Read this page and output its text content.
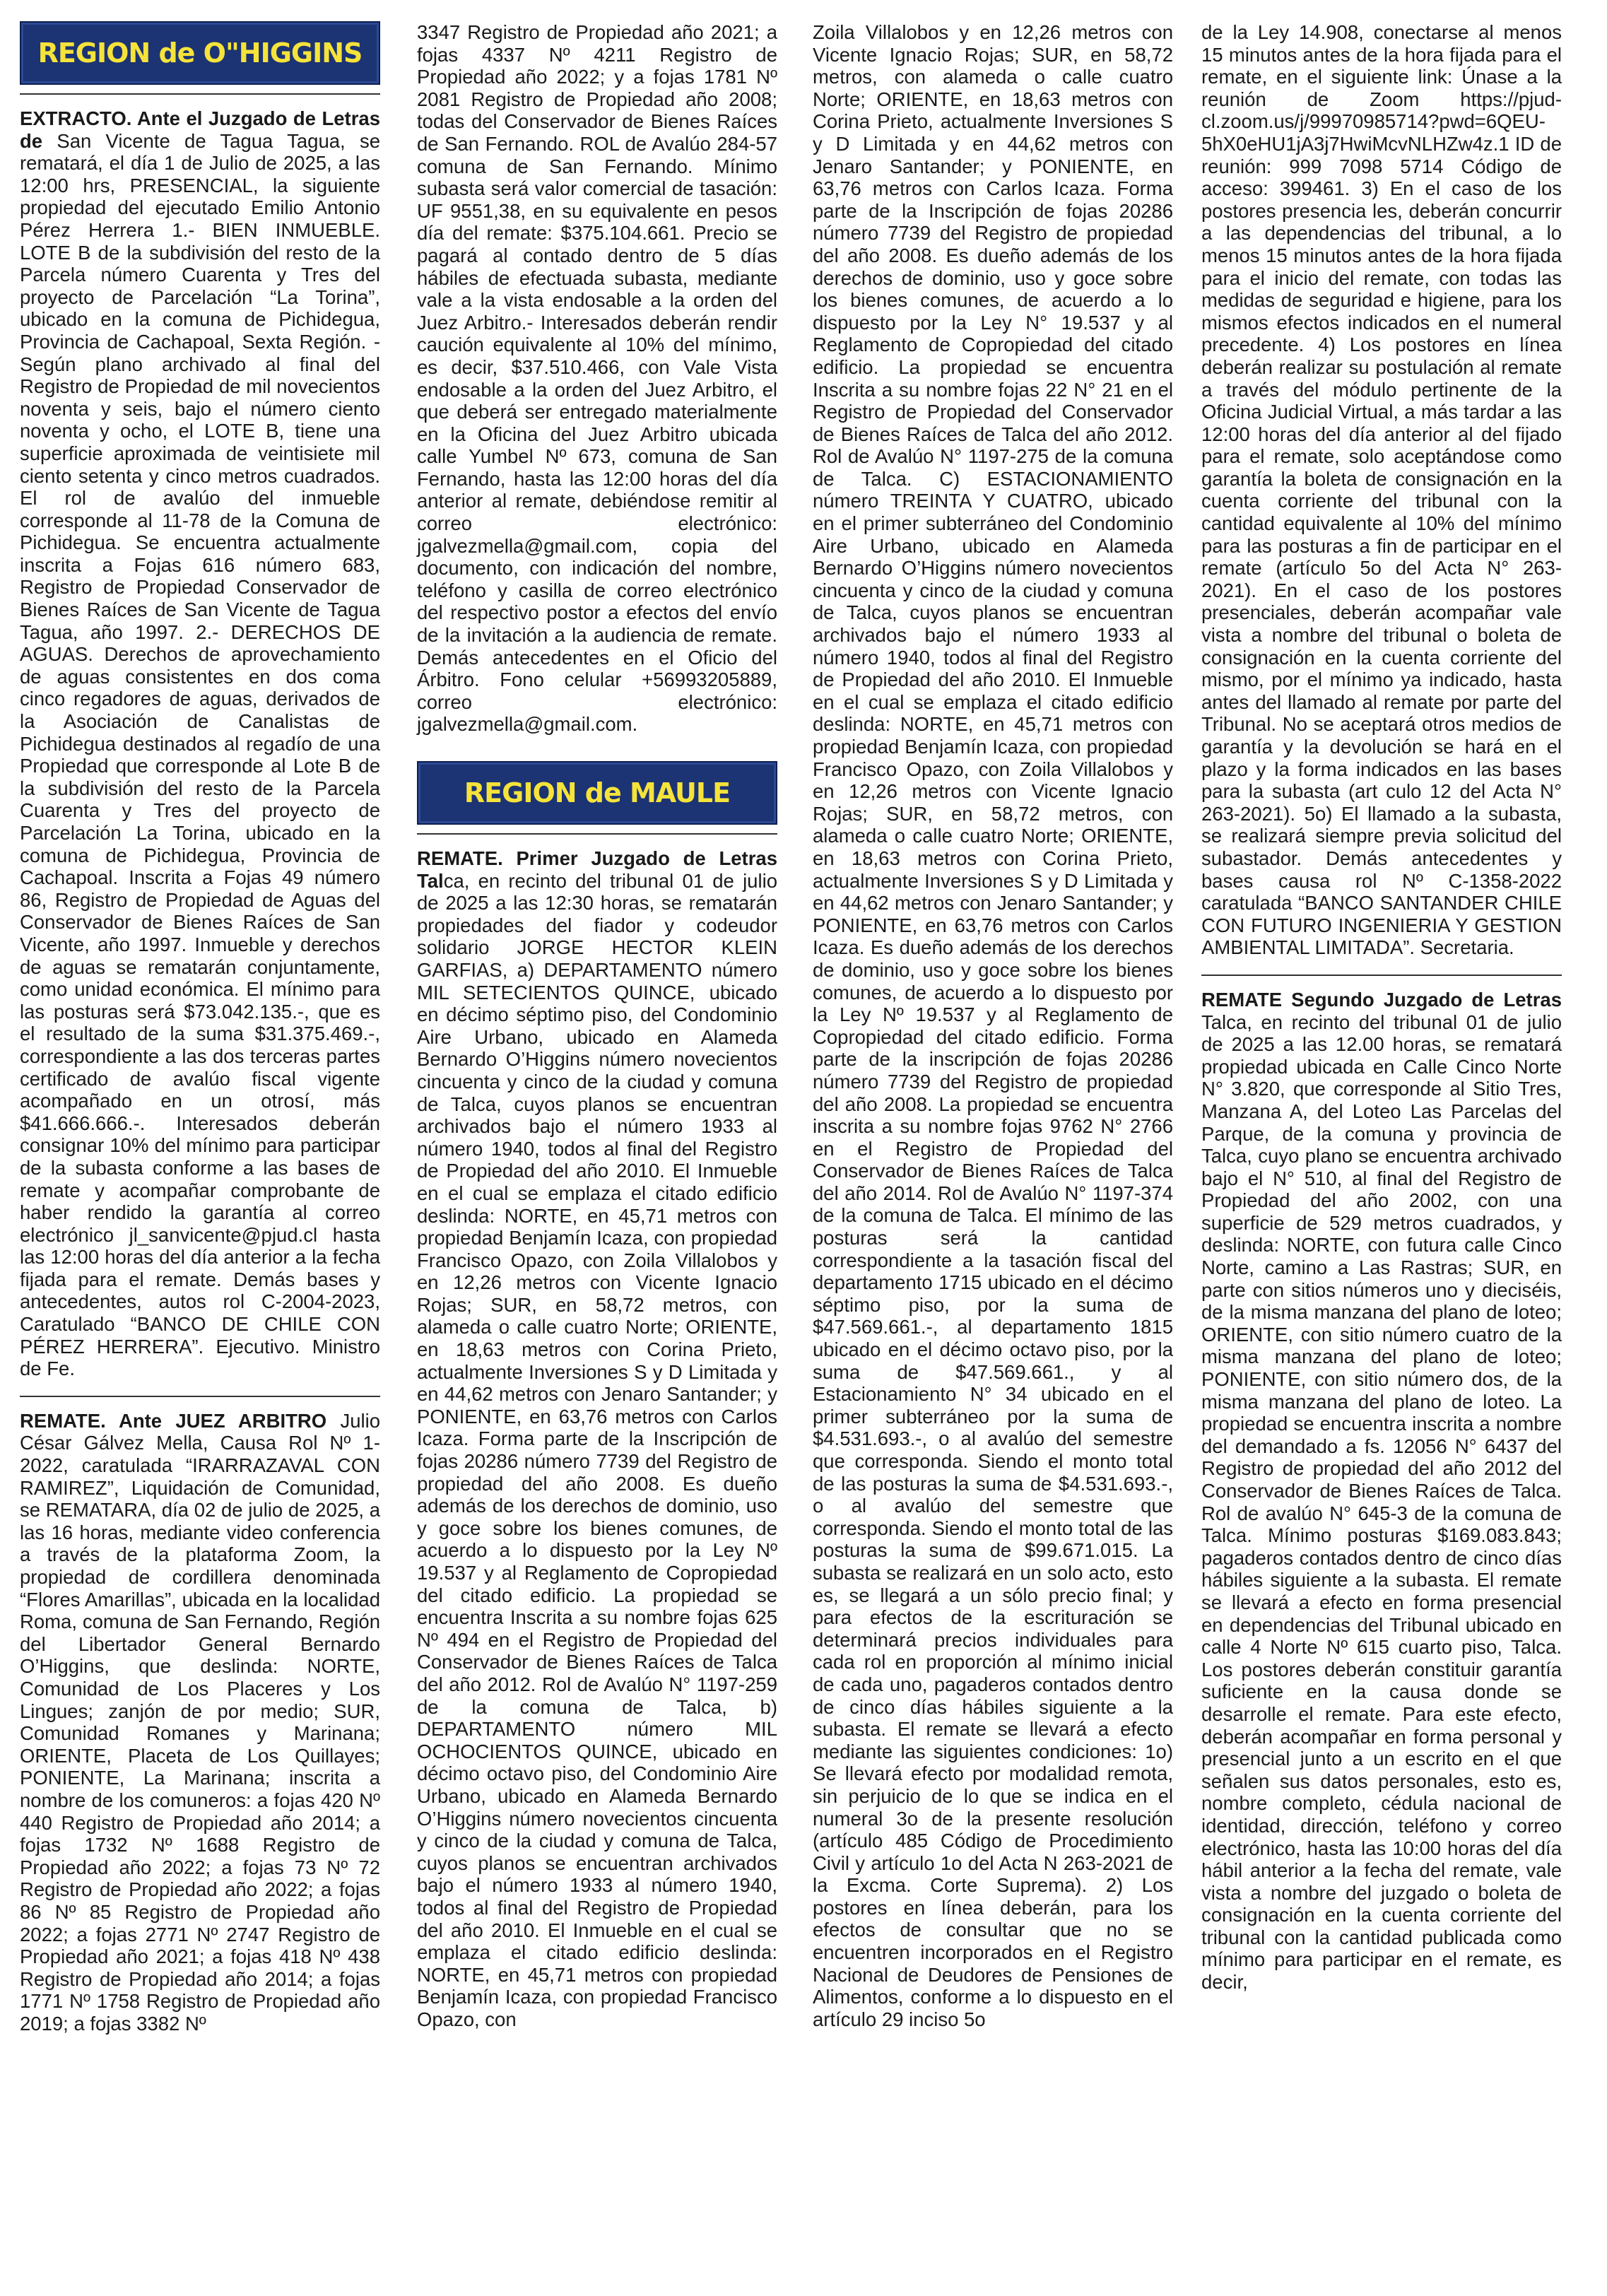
REGION de O"HIGGINS

EXTRACTO. Ante el Juzgado de Letras de San Vicente de Tagua Tagua, se rematará, el día 1 de Julio de 2025, a las 12:00 hrs, PRESENCIAL, la siguiente propiedad del ejecutado Emilio Antonio Pérez Herrera 1.- BIEN INMUEBLE. LOTE B de la subdivisión del resto de la Parcela número Cuarenta y Tres del proyecto de Parcelación “La Torina”, ubicado en la comuna de Pichidegua, Provincia de Cachapoal, Sexta Región. - Según plano archivado al final del Registro de Propiedad de mil novecientos noventa y seis, bajo el número ciento noventa y ocho, el LOTE B, tiene una superficie aproximada de veintisiete mil ciento setenta y cinco metros cuadrados. El rol de avalúo del inmueble corresponde al 11-78 de la Comuna de Pichidegua. Se encuentra actualmente inscrita a Fojas 616 número 683, Registro de Propiedad Conservador de Bienes Raíces de San Vicente de Tagua Tagua, año 1997. 2.- DERECHOS DE AGUAS. Derechos de aprovechamiento de aguas consistentes en dos coma cinco regadores de aguas, derivados de la Asociación de Canalistas de Pichidegua destinados al regadío de una Propiedad que corresponde al Lote B de la subdivisión del resto de la Parcela Cuarenta y Tres del proyecto de Parcelación La Torina, ubicado en la comuna de Pichidegua, Provincia de Cachapoal. Inscrita a Fojas 49 número 86, Registro de Propiedad de Aguas del Conservador de Bienes Raíces de San Vicente, año 1997. Inmueble y derechos de aguas se rematarán conjuntamente, como unidad económica. El mínimo para las posturas será $73.042.135.-, que es el resultado de la suma $31.375.469.-, correspondiente a las dos terceras partes certificado de avalúo fiscal vigente acompañado en un otrosí, más $41.666.666.-. Interesados deberán consignar 10% del mínimo para participar de la subasta conforme a las bases de remate y acompañar comprobante de haber rendido la garantía al correo electrónico jl_sanvicente@pjud.cl hasta las 12:00 horas del día anterior a la fecha fijada para el remate. Demás bases y antecedentes, autos rol C-2004-2023, Caratulado “BANCO DE CHILE CON PÉREZ HERRERA”. Ejecutivo. Ministro de Fe.

REMATE. Ante JUEZ ARBITRO Julio César Gálvez Mella, Causa Rol Nº 1-2022, caratulada “IRARRAZAVAL CON RAMIREZ”, Liquidación de Comunidad, se REMATARA, día 02 de julio de 2025, a las 16 horas, mediante video conferencia a través de la plataforma Zoom, la propiedad de cordillera denominada “Flores Amarillas”, ubicada en la localidad Roma, comuna de San Fernando, Región del Libertador General Bernardo O’Higgins, que deslinda: NORTE, Comunidad de Los Placeres y Los Lingues; zanjón de por medio; SUR, Comunidad Romanes y Marinana; ORIENTE, Placeta de Los Quillayes; PONIENTE, La Marinana; inscrita a nombre de los comuneros: a fojas 420 Nº 440 Registro de Propiedad año 2014; a fojas 1732 Nº 1688 Registro de Propiedad año 2022; a fojas 73 Nº 72 Registro de Propiedad año 2022; a fojas 86 Nº 85 Registro de Propiedad año 2022; a fojas 2771 Nº 2747 Registro de Propiedad año 2021; a fojas 418 Nº 438 Registro de Propiedad año 2014; a fojas 1771 Nº 1758 Registro de Propiedad año 2019; a fojas 3382 Nº

3347 Registro de Propiedad año 2021; a fojas 4337 Nº 4211 Registro de Propiedad año 2022; y a fojas 1781 Nº 2081 Registro de Propiedad año 2008; todas del Conservador de Bienes Raíces de San Fernando. ROL de Avalúo 284-57 comuna de San Fernando. Mínimo subasta será valor comercial de tasación: UF 9551,38, en su equivalente en pesos día del remate: $375.104.661. Precio se pagará al contado dentro de 5 días hábiles de efectuada subasta, mediante vale a la vista endosable a la orden del Juez Arbitro.- Interesados deberán rendir caución equivalente al 10% del mínimo, es decir, $37.510.466, con Vale Vista endosable a la orden del Juez Arbitro, el que deberá ser entregado materialmente en la Oficina del Juez Arbitro ubicada calle Yumbel Nº 673, comuna de San Fernando, hasta las 12:00 horas del día anterior al remate, debiéndose remitir al correo electrónico: jgalvezmella@gmail.com, copia del documento, con indicación del nombre, teléfono y casilla de correo electrónico del respectivo postor a efectos del envío de la invitación a la audiencia de remate. Demás antecedentes en el Oficio del Árbitro. Fono celular +56993205889, correo electrónico: jgalvezmella@gmail.com.

REGION de MAULE

REMATE. Primer Juzgado de Letras Talca, en recinto del tribunal 01 de julio de 2025 a las 12:30 horas, se rematarán propiedades del fiador y codeudor solidario JORGE HECTOR KLEIN GARFIAS, a) DEPARTAMENTO número MIL SETECIENTOS QUINCE, ubicado en décimo séptimo piso, del Condominio Aire Urbano, ubicado en Alameda Bernardo O’Higgins número novecientos cincuenta y cinco de la ciudad y comuna de Talca, cuyos planos se encuentran archivados bajo el número 1933 al número 1940, todos al final del Registro de Propiedad del año 2010. El Inmueble en el cual se emplaza el citado edificio deslinda: NORTE, en 45,71 metros con propiedad Benjamín Icaza, con propiedad Francisco Opazo, con Zoila Villalobos y en 12,26 metros con Vicente Ignacio Rojas; SUR, en 58,72 metros, con alameda o calle cuatro Norte; ORIENTE, en 18,63 metros con Corina Prieto, actualmente Inversiones S y D Limitada y en 44,62 metros con Jenaro Santander; y PONIENTE, en 63,76 metros con Carlos Icaza. Forma parte de la Inscripción de fojas 20286 número 7739 del Registro de propiedad del año 2008. Es dueño además de los derechos de dominio, uso y goce sobre los bienes comunes, de acuerdo a lo dispuesto por la Ley Nº 19.537 y al Reglamento de Copropiedad del citado edificio. La propiedad se encuentra Inscrita a su nombre fojas 625 Nº 494 en el Registro de Propiedad del Conservador de Bienes Raíces de Talca del año 2012. Rol de Avalúo N° 1197-259 de la comuna de Talca, b) DEPARTAMENTO número MIL OCHOCIENTOS QUINCE, ubicado en décimo octavo piso, del Condominio Aire Urbano, ubicado en Alameda Bernardo O’Higgins número novecientos cincuenta y cinco de la ciudad y comuna de Talca, cuyos planos se encuentran archivados bajo el número 1933 al número 1940, todos al final del Registro de Propiedad del año 2010. El Inmueble en el cual se emplaza el citado edificio deslinda: NORTE, en 45,71 metros con propiedad Benjamín Icaza, con propiedad Francisco Opazo, con

Zoila Villalobos y en 12,26 metros con Vicente Ignacio Rojas; SUR, en 58,72 metros, con alameda o calle cuatro Norte; ORIENTE, en 18,63 metros con Corina Prieto, actualmente Inversiones S y D Limitada y en 44,62 metros con Jenaro Santander; y PONIENTE, en 63,76 metros con Carlos Icaza. Forma parte de la Inscripción de fojas 20286 número 7739 del Registro de propiedad del año 2008. Es dueño además de los derechos de dominio, uso y goce sobre los bienes comunes, de acuerdo a lo dispuesto por la Ley N° 19.537 y al Reglamento de Copropiedad del citado edificio. La propiedad se encuentra Inscrita a su nombre fojas 22 N° 21 en el Registro de Propiedad del Conservador de Bienes Raíces de Talca del año 2012. Rol de Avalúo N° 1197-275 de la comuna de Talca. C) ESTACIONAMIENTO número TREINTA Y CUATRO, ubicado en el primer subterráneo del Condominio Aire Urbano, ubicado en Alameda Bernardo O’Higgins número novecientos cincuenta y cinco de la ciudad y comuna de Talca, cuyos planos se encuentran archivados bajo el número 1933 al número 1940, todos al final del Registro de Propiedad del año 2010. El Inmueble en el cual se emplaza el citado edificio deslinda: NORTE, en 45,71 metros con propiedad Benjamín Icaza, con propiedad Francisco Opazo, con Zoila Villalobos y en 12,26 metros con Vicente Ignacio Rojas; SUR, en 58,72 metros, con alameda o calle cuatro Norte; ORIENTE, en 18,63 metros con Corina Prieto, actualmente Inversiones S y D Limitada y en 44,62 metros con Jenaro Santander; y PONIENTE, en 63,76 metros con Carlos Icaza. Es dueño además de los derechos de dominio, uso y goce sobre los bienes comunes, de acuerdo a lo dispuesto por la Ley Nº 19.537 y al Reglamento de Copropiedad del citado edificio. Forma parte de la inscripción de fojas 20286 número 7739 del Registro de propiedad del año 2008. La propiedad se encuentra inscrita a su nombre fojas 9762 N° 2766 en el Registro de Propiedad del Conservador de Bienes Raíces de Talca del año 2014. Rol de Avalúo N° 1197-374 de la comuna de Talca. El mínimo de las posturas será la cantidad correspondiente a la tasación fiscal del departamento 1715 ubicado en el décimo séptimo piso, por la suma de $47.569.661.-, al departamento 1815 ubicado en el décimo octavo piso, por la suma de $47.569.661., y al Estacionamiento N° 34 ubicado en el primer subterráneo por la suma de $4.531.693.-, o al avalúo del semestre que corresponda. Siendo el monto total de las posturas la suma de $4.531.693.-, o al avalúo del semestre que corresponda. Siendo el monto total de las posturas la suma de $99.671.015. La subasta se realizará en un solo acto, esto es, se llegará a un sólo precio final; y para efectos de la escrituración se determinará precios individuales para cada rol en proporción al mínimo inicial de cada uno, pagaderos contados dentro de cinco días hábiles siguiente a la subasta. El remate se llevará a efecto mediante las siguientes condiciones: 1o) Se llevará efecto por modalidad remota, sin perjuicio de lo que se indica en el numeral 3o de la presente resolución (artículo 485 Código de Procedimiento Civil y artículo 1o del Acta N 263-2021 de la Excma. Corte Suprema). 2) Los postores en línea deberán, para los efectos de consultar que no se encuentren incorporados en el Registro Nacional de Deudores de Pensiones de Alimentos, conforme a lo dispuesto en el artículo 29 inciso 5o

de la Ley 14.908, conectarse al menos 15 minutos antes de la hora fijada para el remate, en el siguiente link: Únase a la reunión de Zoom https://pjud-cl.zoom.us/j/99970985714?pwd=6QEU-5hX0eHU1jA3j7HwiMcvNLHZw4z.1 ID de reunión: 999 7098 5714 Código de acceso: 399461. 3) En el caso de los postores presencia les, deberán concurrir a las dependencias del tribunal, a lo menos 15 minutos antes de la hora fijada para el inicio del remate, con todas las medidas de seguridad e higiene, para los mismos efectos indicados en el numeral precedente. 4) Los postores en línea deberán realizar su postulación al remate a través del módulo pertinente de la Oficina Judicial Virtual, a más tardar a las 12:00 horas del día anterior al del fijado para el remate, solo aceptándose como garantía la boleta de consignación en la cuenta corriente del tribunal con la cantidad equivalente al 10% del mínimo para las posturas a fin de participar en el remate (artículo 5o del Acta N° 263-2021). En el caso de los postores presenciales, deberán acompañar vale vista a nombre del tribunal o boleta de consignación en la cuenta corriente del mismo, por el mínimo ya indicado, hasta antes del llamado al remate por parte del Tribunal. No se aceptará otros medios de garantía y la devolución se hará en el plazo y la forma indicados en las bases para la subasta (art culo 12 del Acta N° 263-2021). 5o) El llamado a la subasta, se realizará siempre previa solicitud del subastador. Demás antecedentes y bases causa rol Nº C-1358-2022 caratulada “BANCO SANTANDER CHILE CON FUTURO INGENIERIA Y GESTION AMBIENTAL LIMITADA”. Secretaria.

REMATE Segundo Juzgado de Letras Talca, en recinto del tribunal 01 de julio de 2025 a las 12.00 horas, se rematará propiedad ubicada en Calle Cinco Norte N° 3.820, que corresponde al Sitio Tres, Manzana A, del Loteo Las Parcelas del Parque, de la comuna y provincia de Talca, cuyo plano se encuentra archivado bajo el N° 510, al final del Registro de Propiedad del año 2002, con una superficie de 529 metros cuadrados, y deslinda: NORTE, con futura calle Cinco Norte, camino a Las Rastras; SUR, en parte con sitios números uno y dieciséis, de la misma manzana del plano de loteo; ORIENTE, con sitio número cuatro de la misma manzana del plano de loteo; PONIENTE, con sitio número dos, de la misma manzana del plano de loteo. La propiedad se encuentra inscrita a nombre del demandado a fs. 12056 N° 6437 del Registro de propiedad del año 2012 del Conservador de Bienes Raíces de Talca. Rol de avalúo N° 645-3 de la comuna de Talca. Mínimo posturas $169.083.843; pagaderos contados dentro de cinco días hábiles siguiente a la subasta. El remate se llevará a efecto en forma presencial en dependencias del Tribunal ubicado en calle 4 Norte Nº 615 cuarto piso, Talca. Los postores deberán constituir garantía suficiente en la causa donde se desarrolle el remate. Para este efecto, deberán acompañar en forma personal y presencial junto a un escrito en el que señalen sus datos personales, esto es, nombre completo, cédula nacional de identidad, dirección, teléfono y correo electrónico, hasta las 10:00 horas del día hábil anterior a la fecha del remate, vale vista a nombre del juzgado o boleta de consignación en la cuenta corriente del tribunal con la cantidad publicada como mínimo para participar en el remate, es decir,
